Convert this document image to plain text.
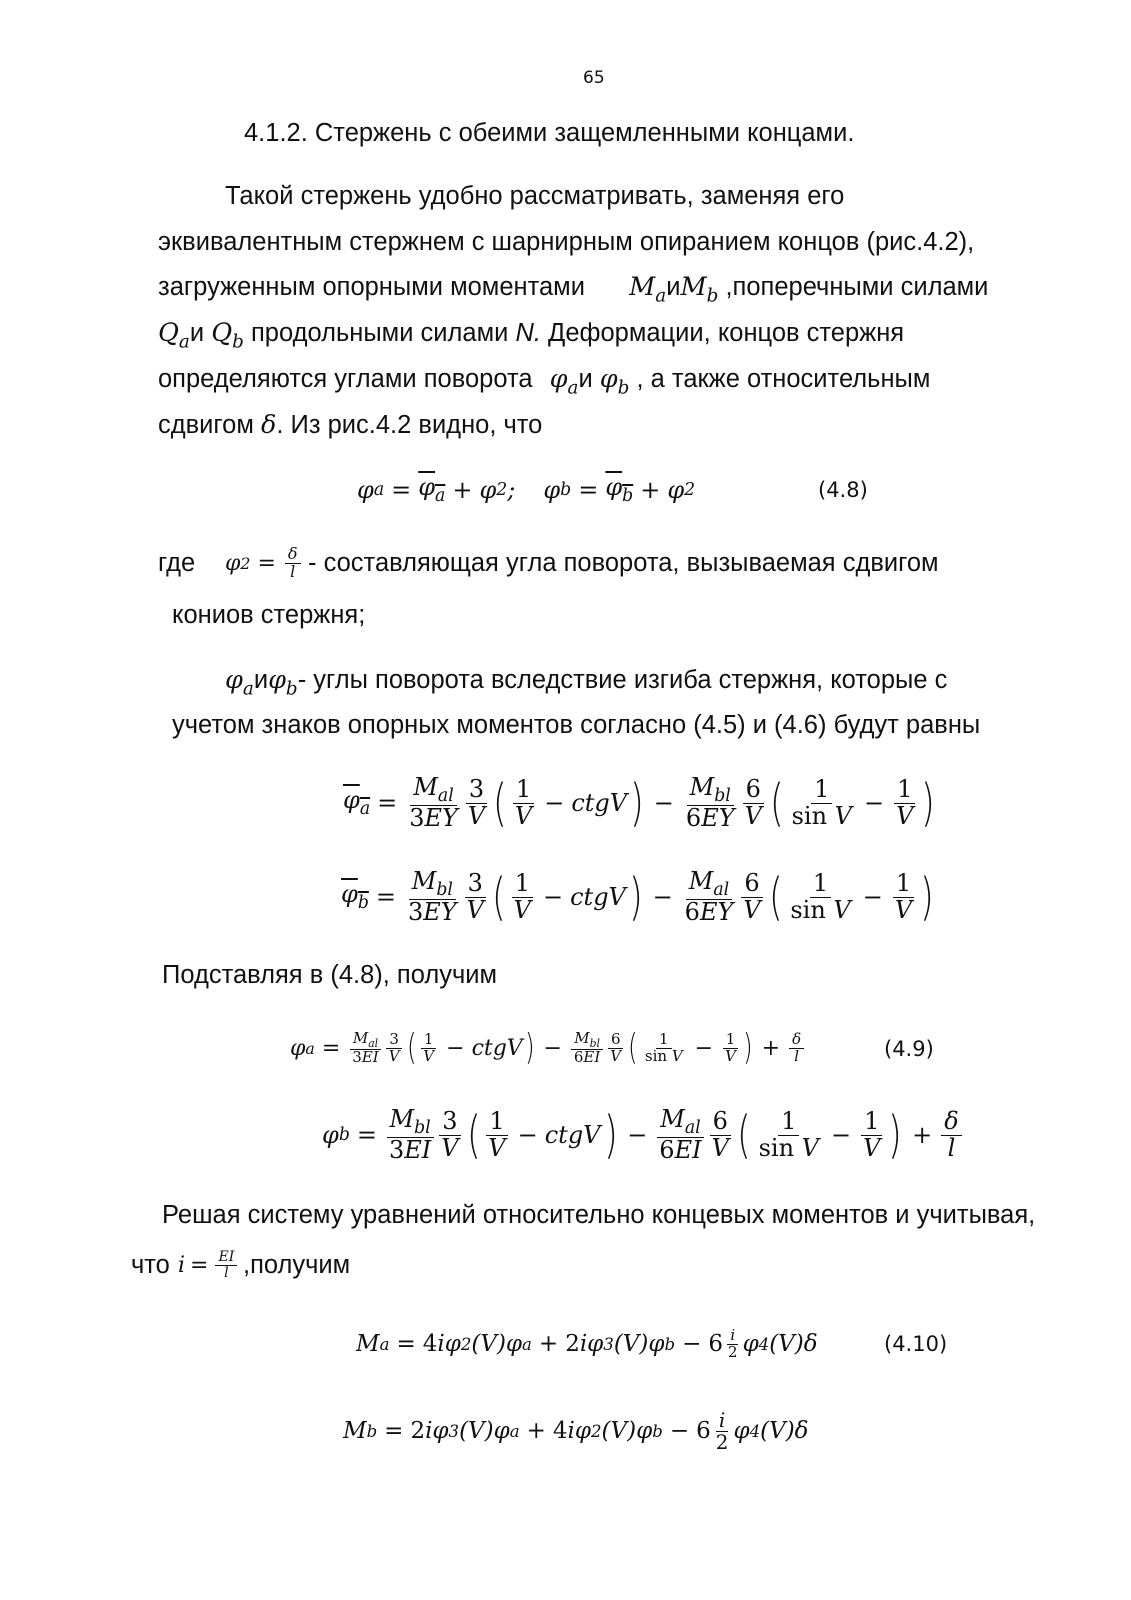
65
4.1.2. Стержень с обеими защемленными концами.
Такой стержень удобно рассматривать, заменяя его
эквивалентным стержнем с шарнирным опиранием концов (рис.4.2),
загруженным опорными моментами $M_aиM_b$ ,поперечными силами
$Q_aи$ $Q_b$ продольными силами N. Деформации, концов стержня
определяются углами поворота $\varphi_aи$ $\varphi_b$ , а также относительным
сдвигом δ. Из рис.4.2 видно, что
φ $a = \varphi_a + \varphi$ 2 ;
φ $b = \varphi_b + \varphi$ 2	(4.8)
где φ $2 = \frac{\delta}{l}$ - составляющая угла поворота, вызываемая сдвигом
кониов стержня;
$\varphi_aи\varphi_b-$ углы поворота вследствие изгиба стержня, которые с
учетом знаков опорных моментов согласно (4.5) и (4.6) будут равны
$\varphi_a = \frac{M_{al}}{3EY} \frac{3}{V}$ ( $\frac{1}{V}$ − ctgV ) − $\frac{M_{bl}}{6EY} \frac{6}{V}$ ( $\frac{1}{\text{sin V}} - \frac{1}{V}$ )
$\varphi_b = \frac{M_{bl}}{3EY} \frac{3}{V}$ ( $\frac{1}{V}$ − ctgV ) − $\frac{M_{al}}{6EY} \frac{6}{V}$ ( $\frac{1}{\text{sin V}} - \frac{1}{V}$ )
Подставляя в (4.8), получим
φ $a = \frac{M_{al}}{3EI} \frac{3}{V}$ ( $\frac{1}{V}$ − ctgV ) − $\frac{M_{bl}}{6EI} \frac{6}{V}$ ( $\frac{1}{\text{sin V}} - \frac{1}{V}$ ) + $\frac{\delta}{l}$	(4.9)
φ $b = \frac{M_{bl}}{3EI} \frac{3}{V}$ ( $\frac{1}{V}$ − ctgV ) − $\frac{M_{al}}{6EI} \frac{6}{V}$ ( $\frac{1}{\text{sin V}} - \frac{1}{V}$ ) + $\frac{\delta}{l}$
Решая систему уравнений относительно концевых моментов и учитывая,
что $i = \frac{EI}{l}$ ,получим
M a = 4 iφ 2 (V)φ a + 2 iφ 3 (V)φ $b - 6 \frac{i}{2}$ φ 4 (V)δ	(4.10)
M b = 2 iφ 3 (V)φ a + 4 iφ 2 (V)φ $b - 6 \frac{i}{2}$ φ 4 (V)δ
